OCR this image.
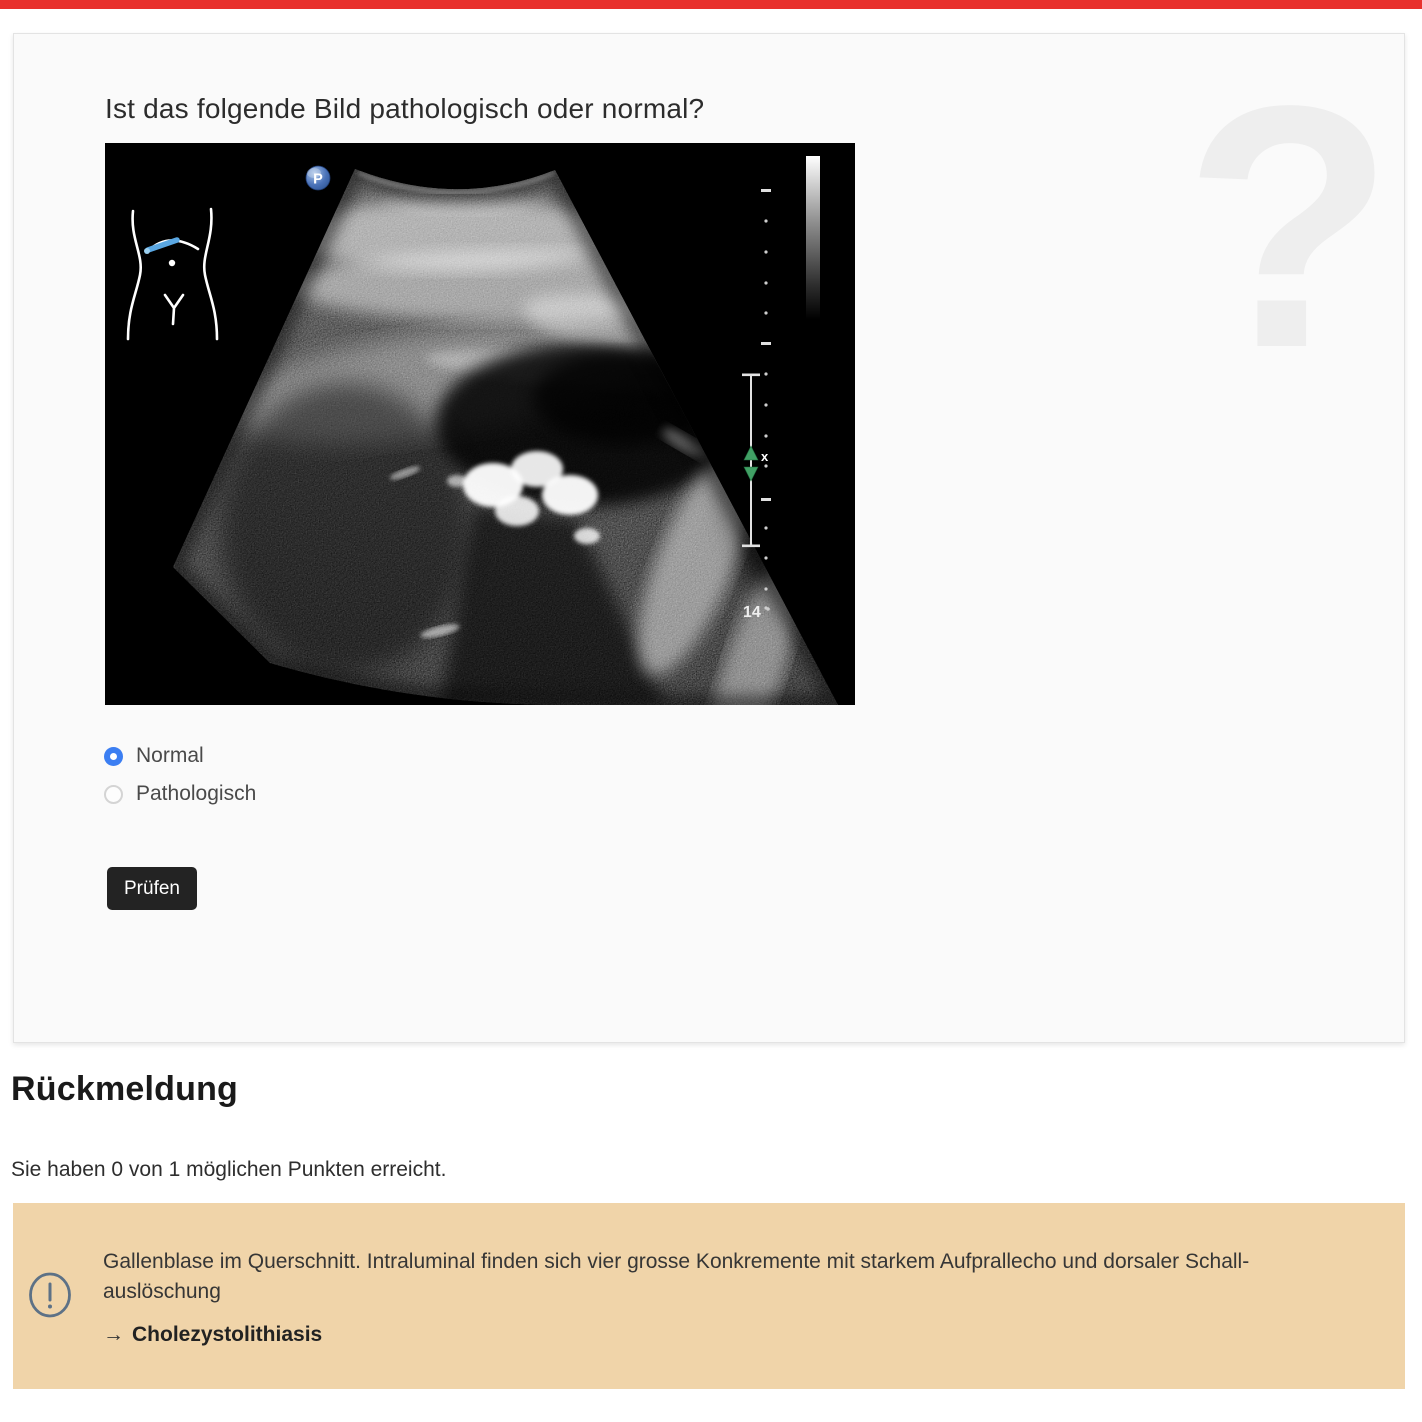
?
Ist das folgende Bild pathologisch oder normal?
P
x
14
Normal
Pathologisch
Prüfen
Rückmeldung
Sie haben 0 von 1 möglichen Punkten erreicht.
Gallenblase im Querschnitt. Intraluminal finden sich vier grosse Konkremente mit starkem Aufprallecho und dorsaler Schall-
auslöschung
→ Cholezystolithiasis
